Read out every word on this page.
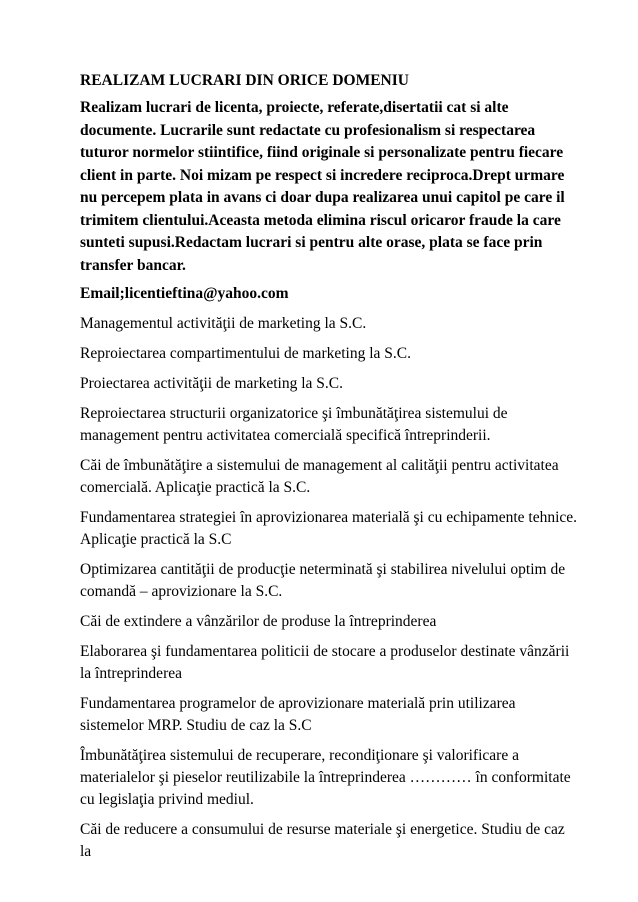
REALIZAM LUCRARI DIN ORICE DOMENIU

Realizam lucrari de licenta, proiecte, referate,disertatii cat si alte documente. Lucrarile sunt redactate cu profesionalism si respectarea tuturor normelor stiintifice, fiind originale si personalizate pentru fiecare client in parte. Noi mizam pe respect si incredere reciproca.Drept urmare nu percepem plata in avans ci doar dupa realizarea unui capitol pe care il trimitem clientului.Aceasta metoda elimina riscul oricaror fraude la care sunteti supusi.Redactam lucrari si pentru alte orase, plata se face prin transfer bancar.

Email;licentieftina@yahoo.com

Managementul activităţii de marketing la S.C.
Reproiectarea compartimentului de marketing la S.C.
Proiectarea activităţii de marketing la S.C.
Reproiectarea structurii organizatorice şi îmbunătăţirea sistemului de management pentru activitatea comercială specifică întreprinderii.
Căi de îmbunătăţire a sistemului de management al calităţii pentru activitatea comercială. Aplicaţie practică la S.C.
Fundamentarea strategiei în aprovizionarea materială şi cu echipamente tehnice. Aplicaţie practică la S.C
Optimizarea cantităţii de producţie neterminată şi stabilirea nivelului optim de comandă – aprovizionare la S.C.
Căi de extindere a vânzărilor de produse la întreprinderea
Elaborarea şi fundamentarea politicii de stocare a produselor destinate vânzării la întreprinderea
Fundamentarea programelor de aprovizionare materială prin utilizarea sistemelor MRP. Studiu de caz la S.C
Îmbunătăţirea sistemului de recuperare, recondiţionare şi valorificare a materialelor şi pieselor reutilizabile la întreprinderea ………… în conformitate cu legislaţia privind mediul.
Căi de reducere a consumului de resurse materiale şi energetice. Studiu de caz la
